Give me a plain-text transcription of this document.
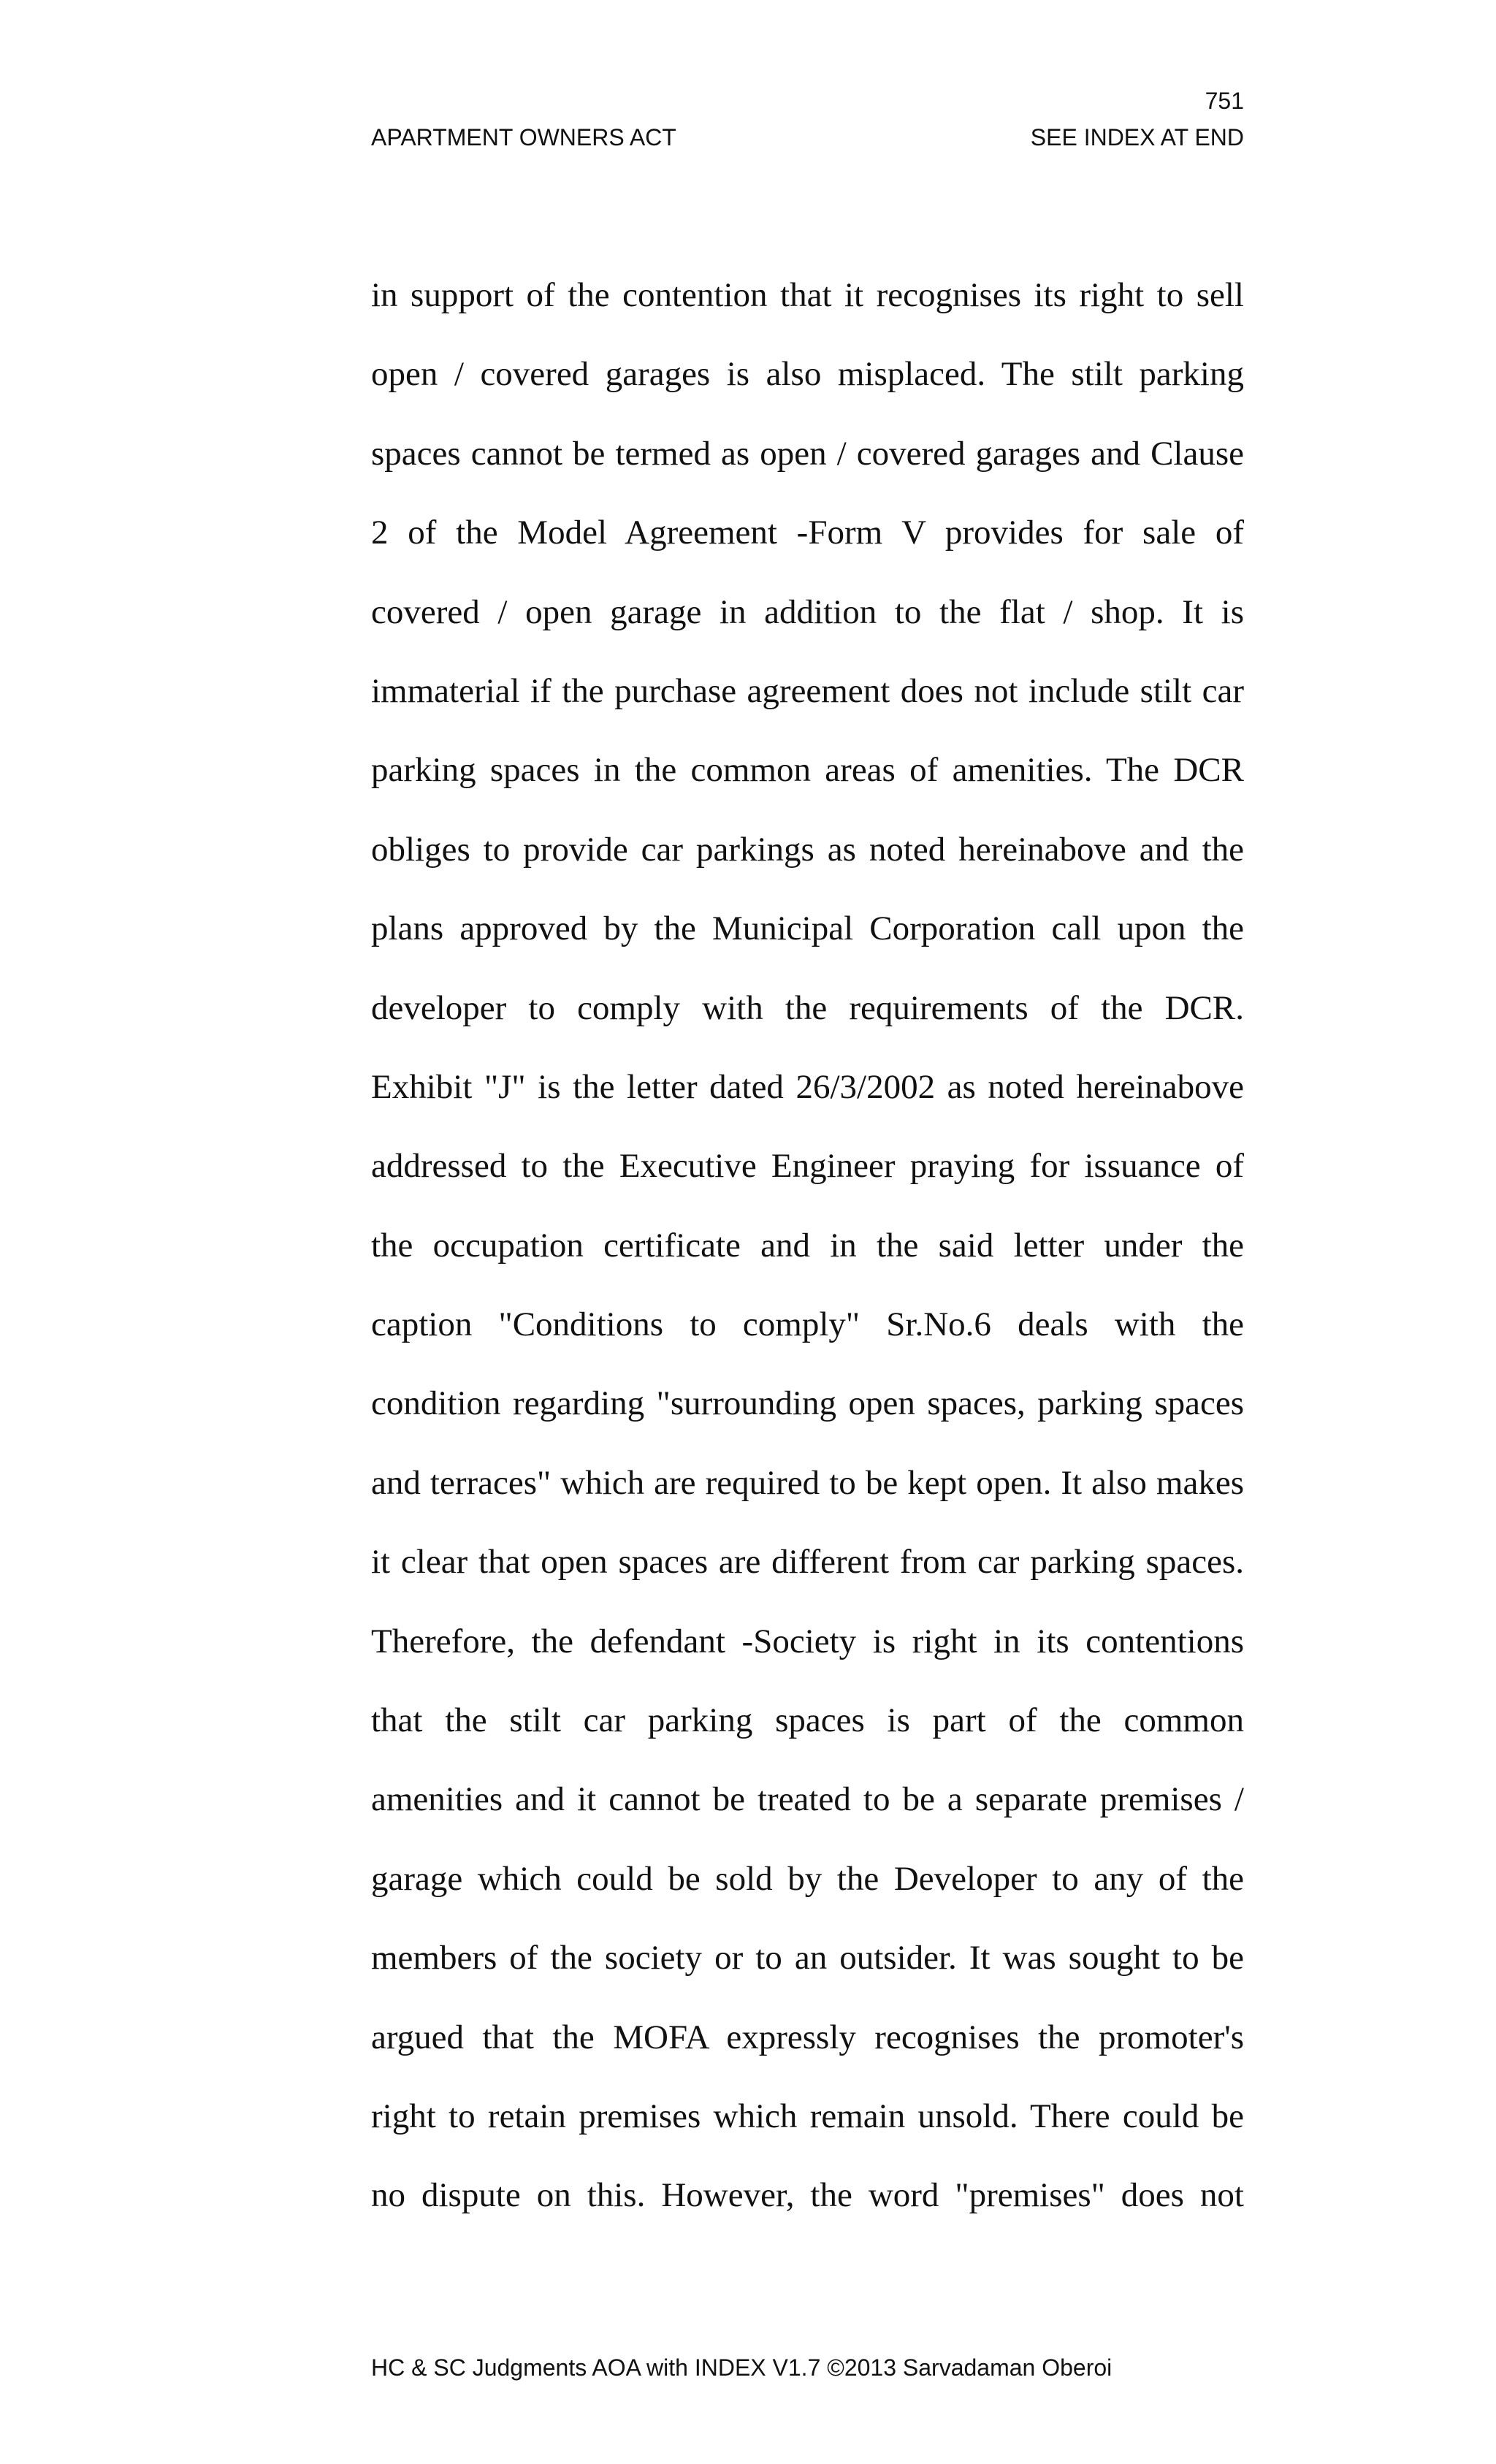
751
APARTMENT OWNERS ACT	SEE INDEX AT END
in support of the contention that it recognises its right to sell
open / covered garages is also misplaced. The stilt parking
spaces cannot be termed as open / covered garages and Clause
2 of the Model Agreement -Form V provides for sale of
covered / open garage in addition to the flat / shop. It is
immaterial if the purchase agreement does not include stilt car
parking spaces in the common areas of amenities. The DCR
obliges to provide car parkings as noted hereinabove and the
plans approved by the Municipal Corporation call upon the
developer to comply with the requirements of the DCR.
Exhibit "J" is the letter dated 26/3/2002 as noted hereinabove
addressed to the Executive Engineer praying for issuance of
the occupation certificate and in the said letter under the
caption "Conditions to comply" Sr.No.6 deals with the
condition regarding "surrounding open spaces, parking spaces
and terraces" which are required to be kept open. It also makes
it clear that open spaces are different from car parking spaces.
Therefore, the defendant -Society is right in its contentions
that the stilt car parking spaces is part of the common
amenities and it cannot be treated to be a separate premises /
garage which could be sold by the Developer to any of the
members of the society or to an outsider. It was sought to be
argued that the MOFA expressly recognises the promoter's
right to retain premises which remain unsold. There could be
no dispute on this. However, the word "premises" does not
HC & SC Judgments AOA with INDEX V1.7 ©2013 Sarvadaman Oberoi
